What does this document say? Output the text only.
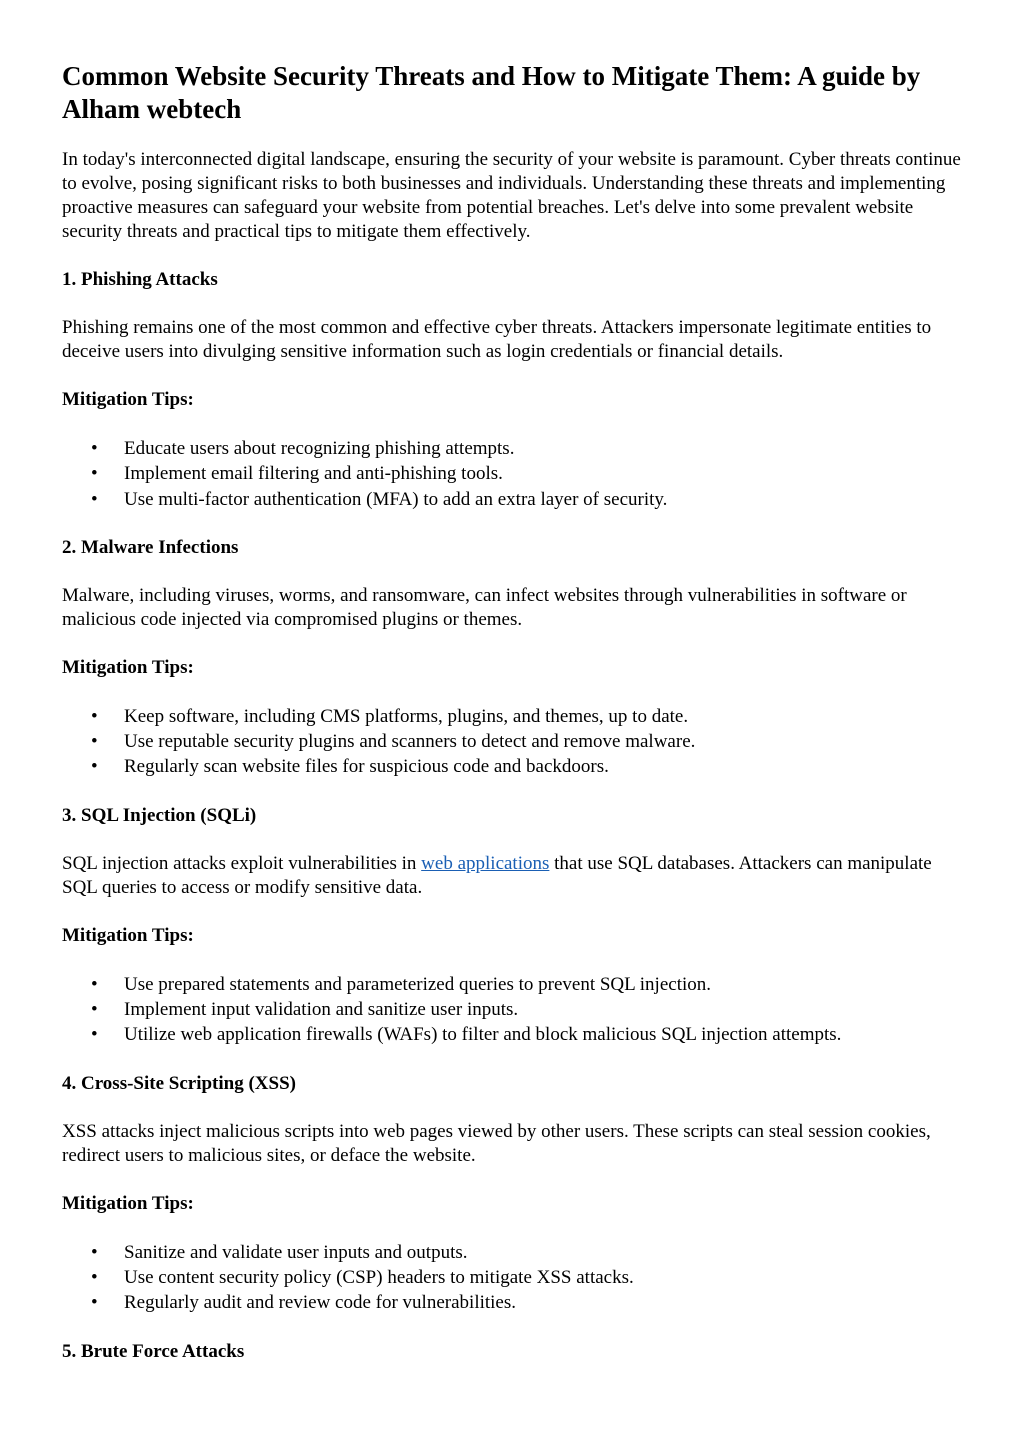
Common Website Security Threats and How to Mitigate Them: A guide by Alham webtech

In today's interconnected digital landscape, ensuring the security of your website is paramount. Cyber threats continue to evolve, posing significant risks to both businesses and individuals. Understanding these threats and implementing proactive measures can safeguard your website from potential breaches. Let's delve into some prevalent website security threats and practical tips to mitigate them effectively.

1. Phishing Attacks

Phishing remains one of the most common and effective cyber threats. Attackers impersonate legitimate entities to deceive users into divulging sensitive information such as login credentials or financial details.

Mitigation Tips:
• Educate users about recognizing phishing attempts.
• Implement email filtering and anti-phishing tools.
• Use multi-factor authentication (MFA) to add an extra layer of security.
2. Malware Infections

Malware, including viruses, worms, and ransomware, can infect websites through vulnerabilities in software or malicious code injected via compromised plugins or themes.

Mitigation Tips:
• Keep software, including CMS platforms, plugins, and themes, up to date.
• Use reputable security plugins and scanners to detect and remove malware.
• Regularly scan website files for suspicious code and backdoors.
3. SQL Injection (SQLi)

SQL injection attacks exploit vulnerabilities in web applications that use SQL databases. Attackers can manipulate SQL queries to access or modify sensitive data.

Mitigation Tips:
• Use prepared statements and parameterized queries to prevent SQL injection.
• Implement input validation and sanitize user inputs.
• Utilize web application firewalls (WAFs) to filter and block malicious SQL injection attempts.
4. Cross-Site Scripting (XSS)

XSS attacks inject malicious scripts into web pages viewed by other users. These scripts can steal session cookies, redirect users to malicious sites, or deface the website.

Mitigation Tips:
• Sanitize and validate user inputs and outputs.
• Use content security policy (CSP) headers to mitigate XSS attacks.
• Regularly audit and review code for vulnerabilities.
5. Brute Force Attacks
